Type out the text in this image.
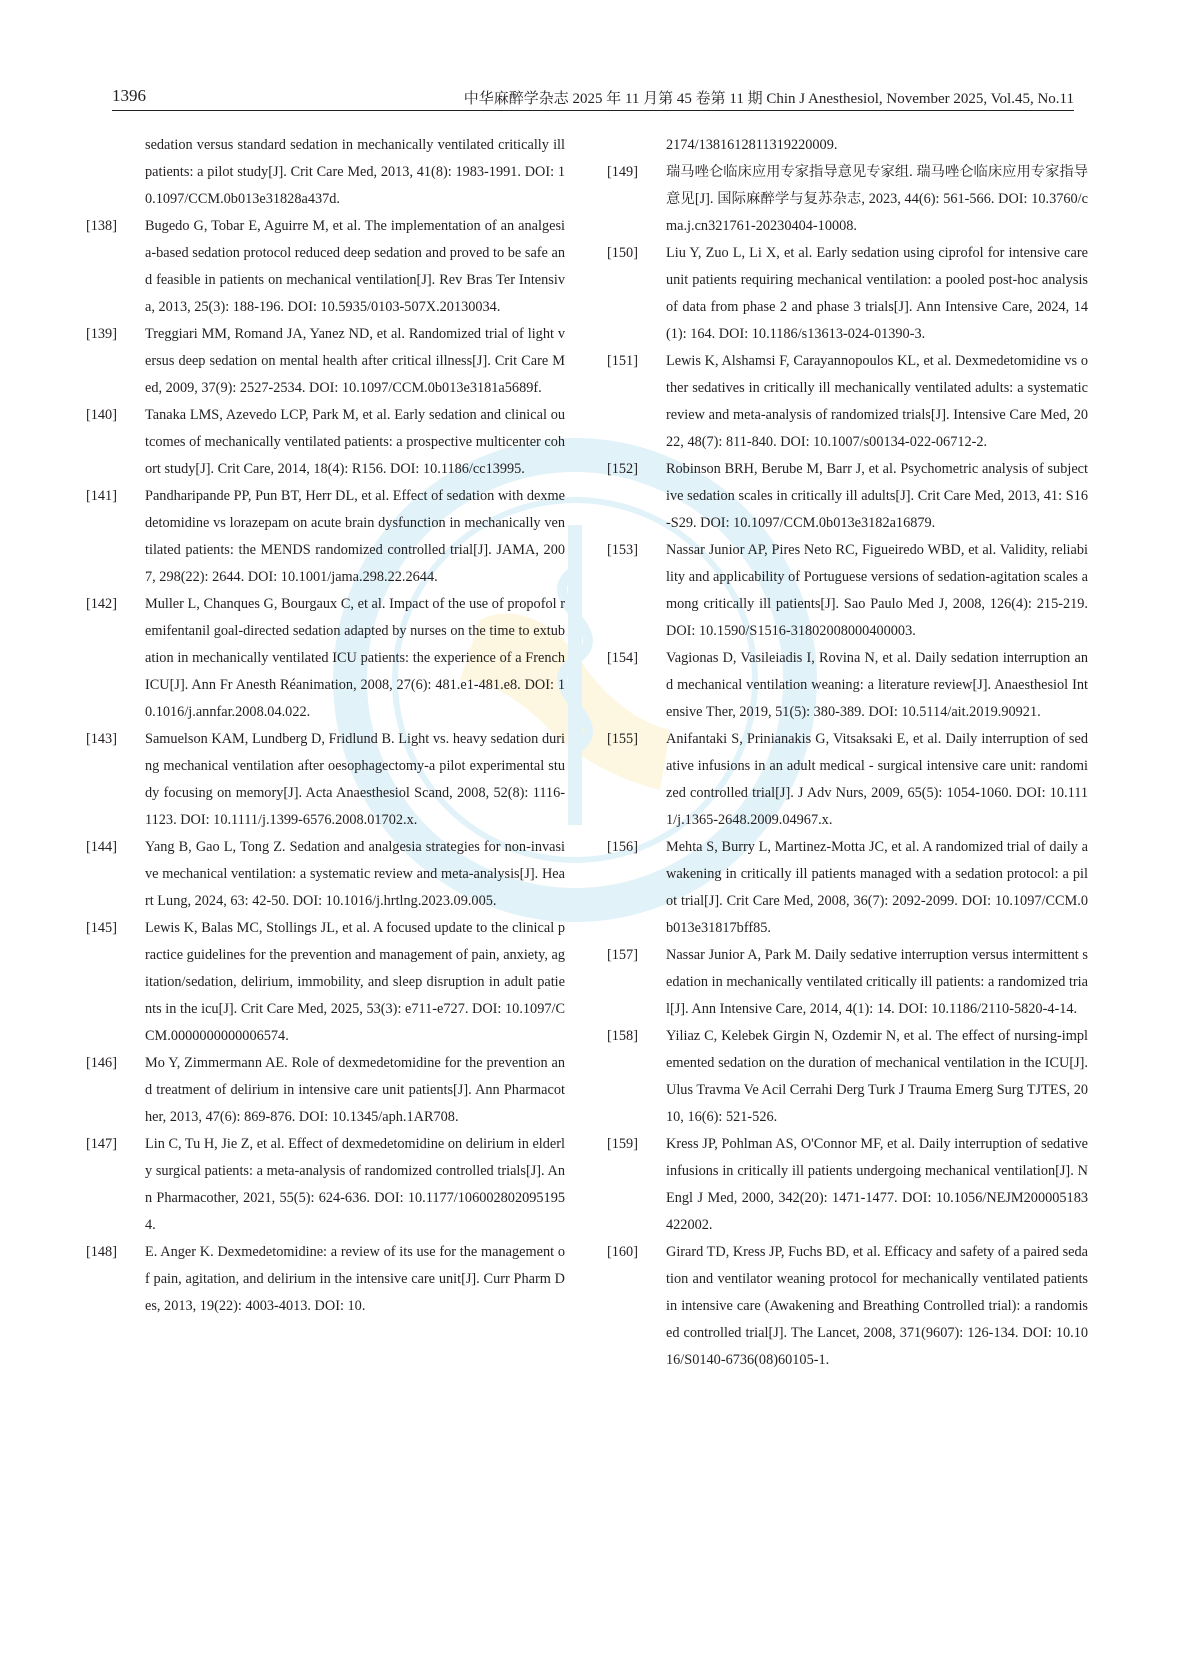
1396	中华麻醉学杂志 2025 年 11 月第 45 卷第 11 期 Chin J Anesthesiol, November 2025, Vol.45, No.11
sedation versus standard sedation in mechanically ventilated critically ill patients: a pilot study[J]. Crit Care Med, 2013, 41(8): 1983-1991. DOI: 10.1097/CCM.0b013e31828a437d.
[138]	Bugedo G, Tobar E, Aguirre M, et al. The implementation of an analgesia-based sedation protocol reduced deep sedation and proved to be safe and feasible in patients on mechanical ventilation[J]. Rev Bras Ter Intensiva, 2013, 25(3): 188-196. DOI: 10.5935/0103-507X.20130034.
[139]	Treggiari MM, Romand JA, Yanez ND, et al. Randomized trial of light versus deep sedation on mental health after critical illness[J]. Crit Care Med, 2009, 37(9): 2527-2534. DOI: 10.1097/CCM.0b013e3181a5689f.
[140]	Tanaka LMS, Azevedo LCP, Park M, et al. Early sedation and clinical outcomes of mechanically ventilated patients: a prospective multicenter cohort study[J]. Crit Care, 2014, 18(4): R156. DOI: 10.1186/cc13995.
[141]	Pandharipande PP, Pun BT, Herr DL, et al. Effect of sedation with dexmedetomidine vs lorazepam on acute brain dysfunction in mechanically ventilated patients: the MENDS randomized controlled trial[J]. JAMA, 2007, 298(22): 2644. DOI: 10.1001/jama.298.22.2644.
[142]	Muller L, Chanques G, Bourgaux C, et al. Impact of the use of propofol remifentanil goal-directed sedation adapted by nurses on the time to extubation in mechanically ventilated ICU patients: the experience of a French ICU[J]. Ann Fr Anesth Réanimation, 2008, 27(6): 481.e1-481.e8. DOI: 10.1016/j.annfar.2008.04.022.
[143]	Samuelson KAM, Lundberg D, Fridlund B. Light vs. heavy sedation during mechanical ventilation after oesophagectomy-a pilot experimental study focusing on memory[J]. Acta Anaesthesiol Scand, 2008, 52(8): 1116-1123. DOI: 10.1111/j.1399-6576.2008.01702.x.
[144]	Yang B, Gao L, Tong Z. Sedation and analgesia strategies for non-invasive mechanical ventilation: a systematic review and meta-analysis[J]. Heart Lung, 2024, 63: 42-50. DOI: 10.1016/j.hrtlng.2023.09.005.
[145]	Lewis K, Balas MC, Stollings JL, et al. A focused update to the clinical practice guidelines for the prevention and management of pain, anxiety, agitation/sedation, delirium, immobility, and sleep disruption in adult patients in the icu[J]. Crit Care Med, 2025, 53(3): e711-e727. DOI: 10.1097/CCM.0000000000006574.
[146]	Mo Y, Zimmermann AE. Role of dexmedetomidine for the prevention and treatment of delirium in intensive care unit patients[J]. Ann Pharmacother, 2013, 47(6): 869-876. DOI: 10.1345/aph.1AR708.
[147]	Lin C, Tu H, Jie Z, et al. Effect of dexmedetomidine on delirium in elderly surgical patients: a meta-analysis of randomized controlled trials[J]. Ann Pharmacother, 2021, 55(5): 624-636. DOI: 10.1177/1060028020951954.
[148]	E. Anger K. Dexmedetomidine: a review of its use for the management of pain, agitation, and delirium in the intensive care unit[J]. Curr Pharm Des, 2013, 19(22): 4003-4013. DOI: 10.
2174/1381612811319220009.
[149]	瑞马唑仑临床应用专家指导意见专家组. 瑞马唑仑临床应用专家指导意见[J]. 国际麻醉学与复苏杂志, 2023, 44(6): 561-566. DOI: 10.3760/cma.j.cn321761-20230404-10008.
[150]	Liu Y, Zuo L, Li X, et al. Early sedation using ciprofol for intensive care unit patients requiring mechanical ventilation: a pooled post-hoc analysis of data from phase 2 and phase 3 trials[J]. Ann Intensive Care, 2024, 14(1): 164. DOI: 10.1186/s13613-024-01390-3.
[151]	Lewis K, Alshamsi F, Carayannopoulos KL, et al. Dexmedetomidine vs other sedatives in critically ill mechanically ventilated adults: a systematic review and meta-analysis of randomized trials[J]. Intensive Care Med, 2022, 48(7): 811-840. DOI: 10.1007/s00134-022-06712-2.
[152]	Robinson BRH, Berube M, Barr J, et al. Psychometric analysis of subjective sedation scales in critically ill adults[J]. Crit Care Med, 2013, 41: S16-S29. DOI: 10.1097/CCM.0b013e3182a16879.
[153]	Nassar Junior AP, Pires Neto RC, Figueiredo WBD, et al. Validity, reliability and applicability of Portuguese versions of sedation-agitation scales among critically ill patients[J]. Sao Paulo Med J, 2008, 126(4): 215-219. DOI: 10.1590/S1516-31802008000400003.
[154]	Vagionas D, Vasileiadis I, Rovina N, et al. Daily sedation interruption and mechanical ventilation weaning: a literature review[J]. Anaesthesiol Intensive Ther, 2019, 51(5): 380-389. DOI: 10.5114/ait.2019.90921.
[155]	Anifantaki S, Prinianakis G, Vitsaksaki E, et al. Daily interruption of sedative infusions in an adult medical - surgical intensive care unit: randomized controlled trial[J]. J Adv Nurs, 2009, 65(5): 1054-1060. DOI: 10.1111/j.1365-2648.2009.04967.x.
[156]	Mehta S, Burry L, Martinez-Motta JC, et al. A randomized trial of daily awakening in critically ill patients managed with a sedation protocol: a pilot trial[J]. Crit Care Med, 2008, 36(7): 2092-2099. DOI: 10.1097/CCM.0b013e31817bff85.
[157]	Nassar Junior A, Park M. Daily sedative interruption versus intermittent sedation in mechanically ventilated critically ill patients: a randomized trial[J]. Ann Intensive Care, 2014, 4(1): 14. DOI: 10.1186/2110-5820-4-14.
[158]	Yiliaz C, Kelebek Girgin N, Ozdemir N, et al. The effect of nursing-implemented sedation on the duration of mechanical ventilation in the ICU[J]. Ulus Travma Ve Acil Cerrahi Derg Turk J Trauma Emerg Surg TJTES, 2010, 16(6): 521-526.
[159]	Kress JP, Pohlman AS, O'Connor MF, et al. Daily interruption of sedative infusions in critically ill patients undergoing mechanical ventilation[J]. N Engl J Med, 2000, 342(20): 1471-1477. DOI: 10.1056/NEJM200005183422002.
[160]	Girard TD, Kress JP, Fuchs BD, et al. Efficacy and safety of a paired sedation and ventilator weaning protocol for mechanically ventilated patients in intensive care (Awakening and Breathing Controlled trial): a randomised controlled trial[J]. The Lancet, 2008, 371(9607): 126-134. DOI: 10.1016/S0140-6736(08)60105-1.
